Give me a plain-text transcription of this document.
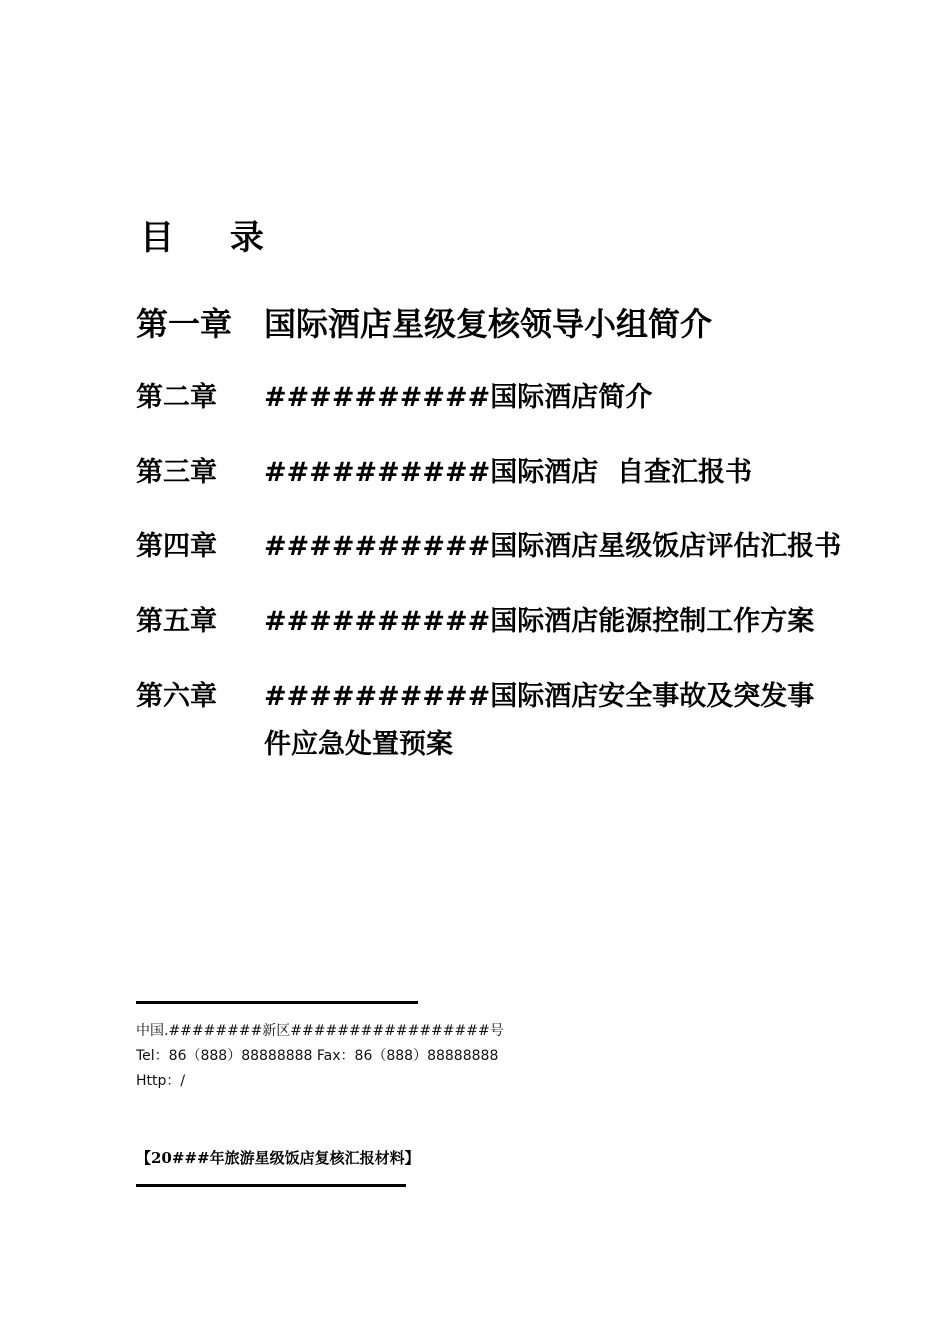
目 录
第一章 国际酒店星级复核领导小组简介
第二章 ##########国际酒店简介
第三章 ##########国际酒店  自查汇报书
第四章 ##########国际酒店星级饭店评估汇报书
第五章 ##########国际酒店能源控制工作方案
第六章 ##########国际酒店安全事故及突发事件应急处置预案
中国.########新区#################号
Tel：86（888）88888888 Fax：86（888）88888888
Http：/
【20###年旅游星级饭店复核汇报材料】
